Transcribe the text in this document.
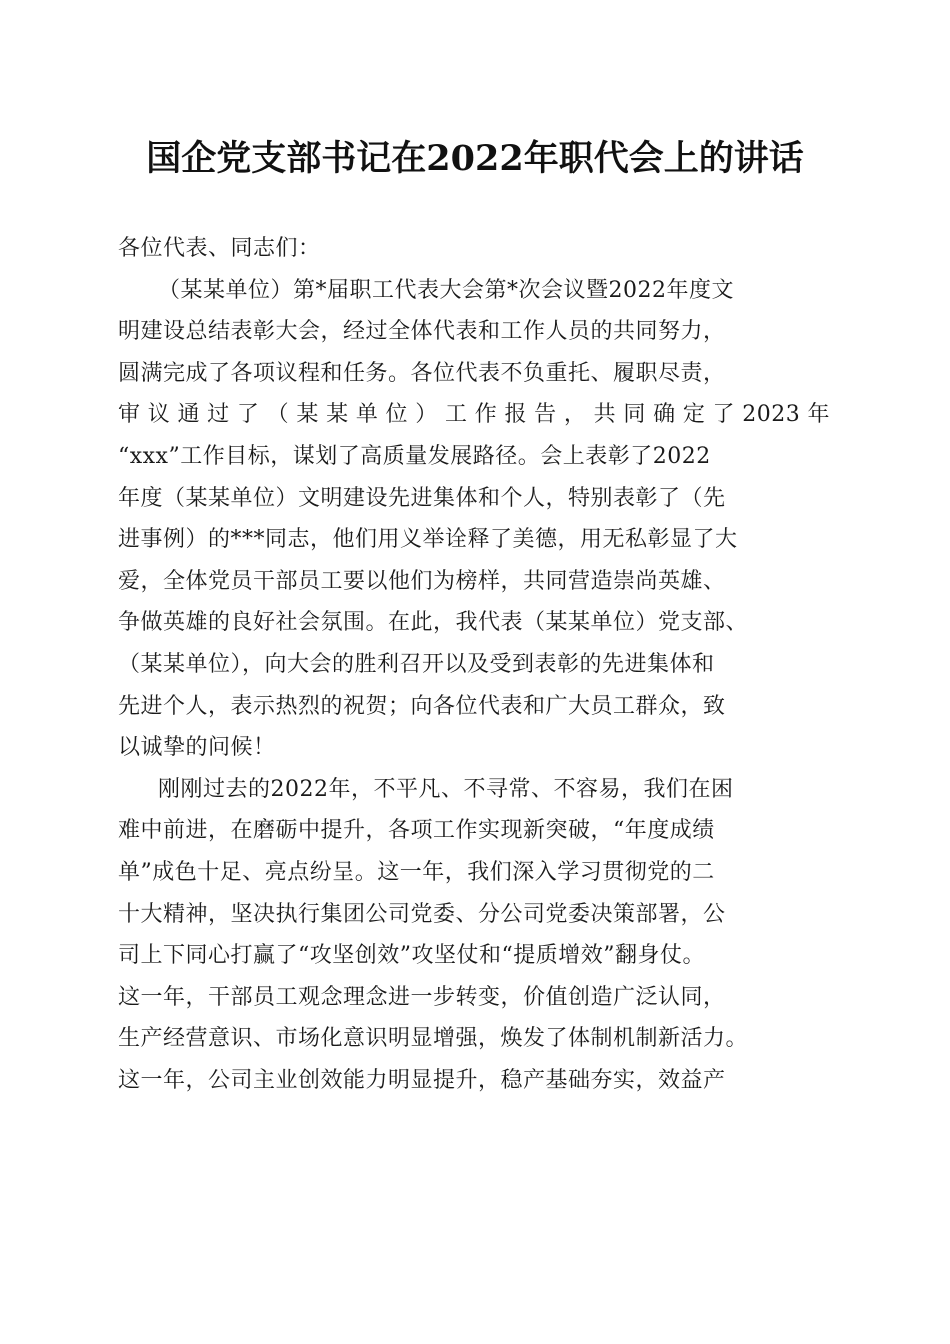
国企党支部书记在2022年职代会上的讲话
各位代表、同志们：
（某某单位）第*届职工代表大会第*次会议暨2022年度文
明建设总结表彰大会，经过全体代表和工作人员的共同努力，
圆满完成了各项议程和任务。各位代表不负重托、履职尽责，
审议通过了（某某单位）工作报告，共同确定了2023年
“xxx”工作目标，谋划了高质量发展路径。会上表彰了2022
年度（某某单位）文明建设先进集体和个人，特别表彰了（先
进事例）的***同志，他们用义举诠释了美德，用无私彰显了大
爱，全体党员干部员工要以他们为榜样，共同营造崇尚英雄、
争做英雄的良好社会氛围。在此，我代表（某某单位）党支部、
（某某单位），向大会的胜利召开以及受到表彰的先进集体和
先进个人，表示热烈的祝贺；向各位代表和广大员工群众，致
以诚挚的问候！
刚刚过去的2022年，不平凡、不寻常、不容易，我们在困
难中前进，在磨砺中提升，各项工作实现新突破，“年度成绩
单”成色十足、亮点纷呈。这一年，我们深入学习贯彻党的二
十大精神，坚决执行集团公司党委、分公司党委决策部署，公
司上下同心打赢了“攻坚创效”攻坚仗和“提质增效”翻身仗。
这一年，干部员工观念理念进一步转变，价值创造广泛认同，
生产经营意识、市场化意识明显增强，焕发了体制机制新活力。
这一年，公司主业创效能力明显提升，稳产基础夯实，效益产
